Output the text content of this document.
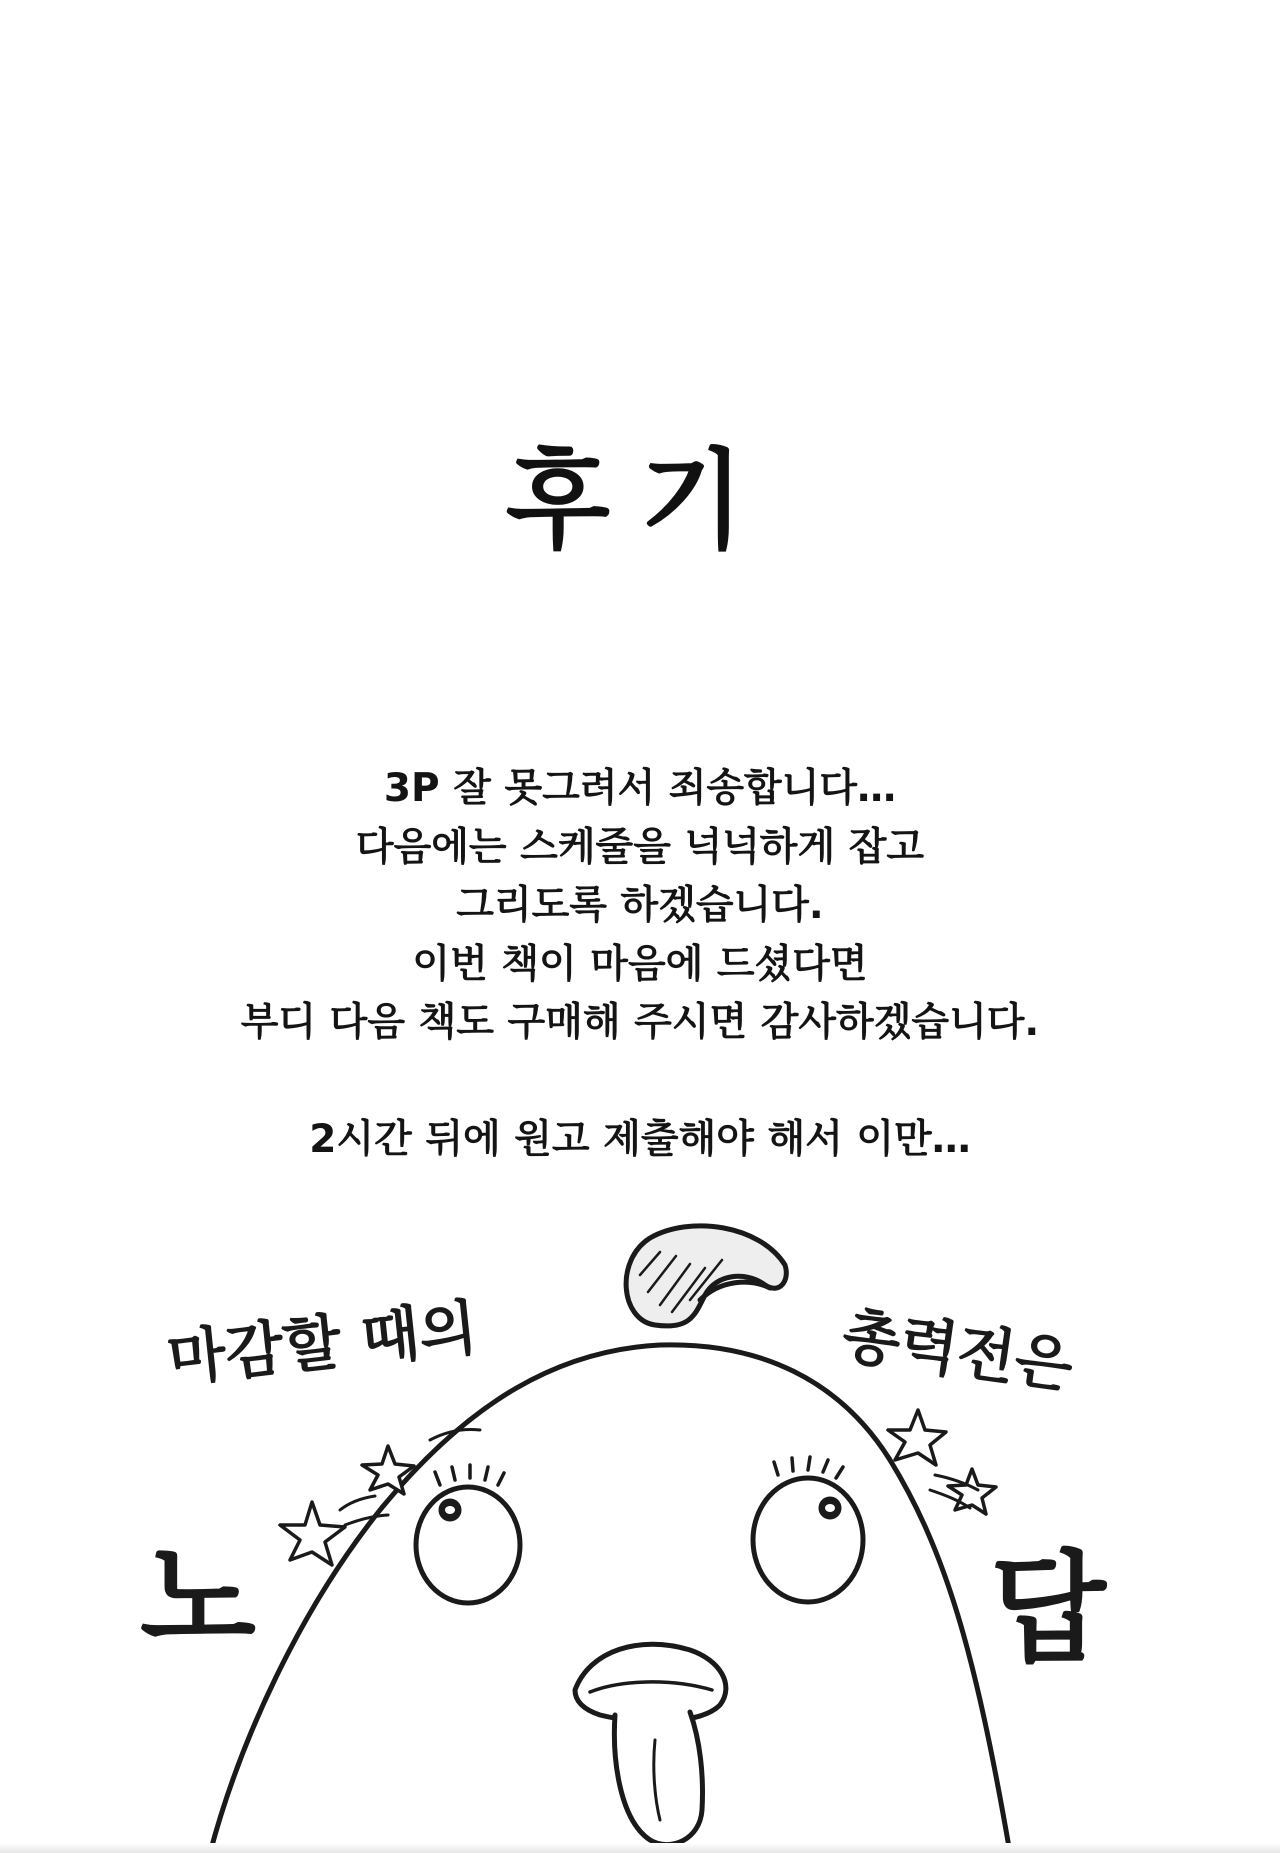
후기
3P 잘 못그려서 죄송합니다…
다음에는 스케줄을 넉넉하게 잡고
그리도록 하겠습니다.
이번 책이 마음에 드셨다면
부디 다음 책도 구매해 주시면 감사하겠습니다.
2시간 뒤에 원고 제출해야 해서 이만…
마감할 때의	총력전은
노	답
